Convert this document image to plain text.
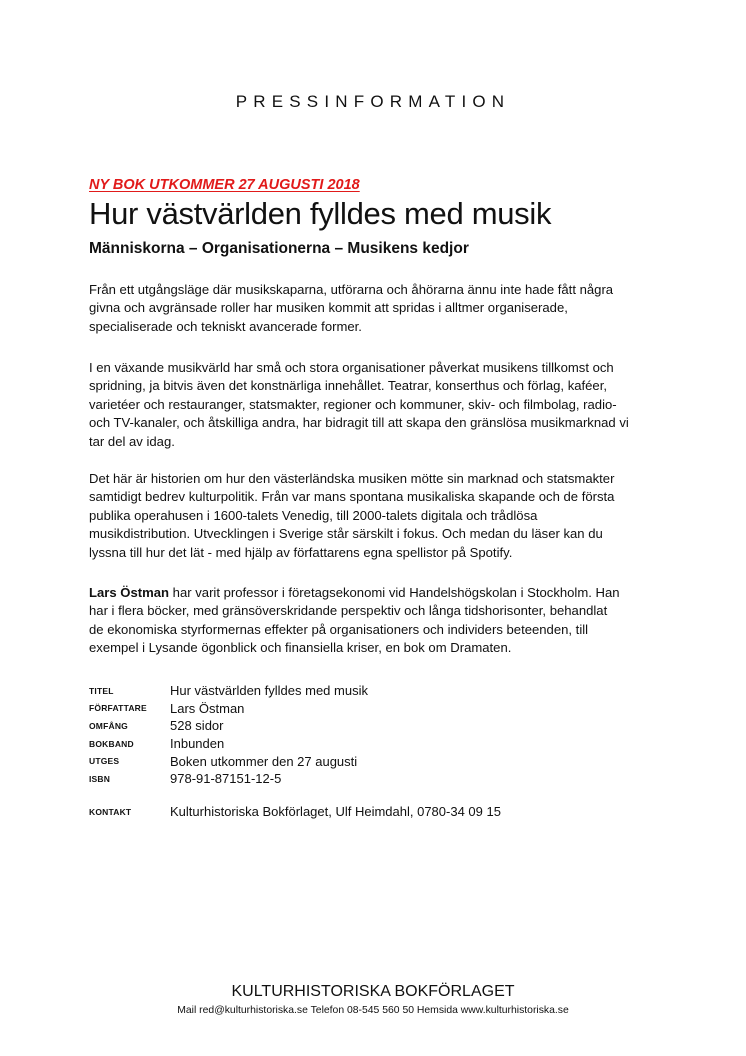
PRESSINFORMATION
NY BOK UTKOMMER 27 AUGUSTI 2018
Hur västvärlden fylldes med musik
Människorna – Organisationerna – Musikens kedjor

Från ett utgångsläge där musikskaparna, utförarna och åhörarna ännu inte hade fått några
givna och avgränsade roller har musiken kommit att spridas i alltmer organiserade,
specialiserade och tekniskt avancerade former.

I en växande musikvärld har små och stora organisationer påverkat musikens tillkomst och
spridning, ja bitvis även det konstnärliga innehållet. Teatrar, konserthus och förlag, kaféer,
varietéer och restauranger, statsmakter, regioner och kommuner, skiv- och filmbolag, radio-
och TV-kanaler, och åtskilliga andra, har bidragit till att skapa den gränslösa musikmarknad vi
tar del av idag.

Det här är historien om hur den västerländska musiken mötte sin marknad och statsmakter
samtidigt bedrev kulturpolitik. Från var mans spontana musikaliska skapande och de första
publika operahusen i 1600-talets Venedig, till 2000-talets digitala och trådlösa
musikdistribution. Utvecklingen i Sverige står särskilt i fokus. Och medan du läser kan du
lyssna till hur det lät - med hjälp av författarens egna spellistor på Spotify.

Lars Östman har varit professor i företagsekonomi vid Handelshögskolan i Stockholm. Han
har i flera böcker, med gränsöverskridande perspektiv och långa tidshorisonter, behandlat
de ekonomiska styrformernas effekter på organisationers och individers beteenden, till
exempel i Lysande ögonblick och finansiella kriser, en bok om Dramaten.

TITEL	Hur västvärlden fylldes med musik
FÖRFATTARE	Lars Östman
OMFÅNG	528 sidor
BOKBAND	Inbunden
UTGES	Boken utkommer den 27 augusti
ISBN	978-91-87151-12-5
KONTAKT	Kulturhistoriska Bokförlaget, Ulf Heimdahl, 0780-34 09 15
KULTURHISTORISKA BOKFÖRLAGET
Mail red@kulturhistoriska.se Telefon 08-545 560 50 Hemsida www.kulturhistoriska.se
